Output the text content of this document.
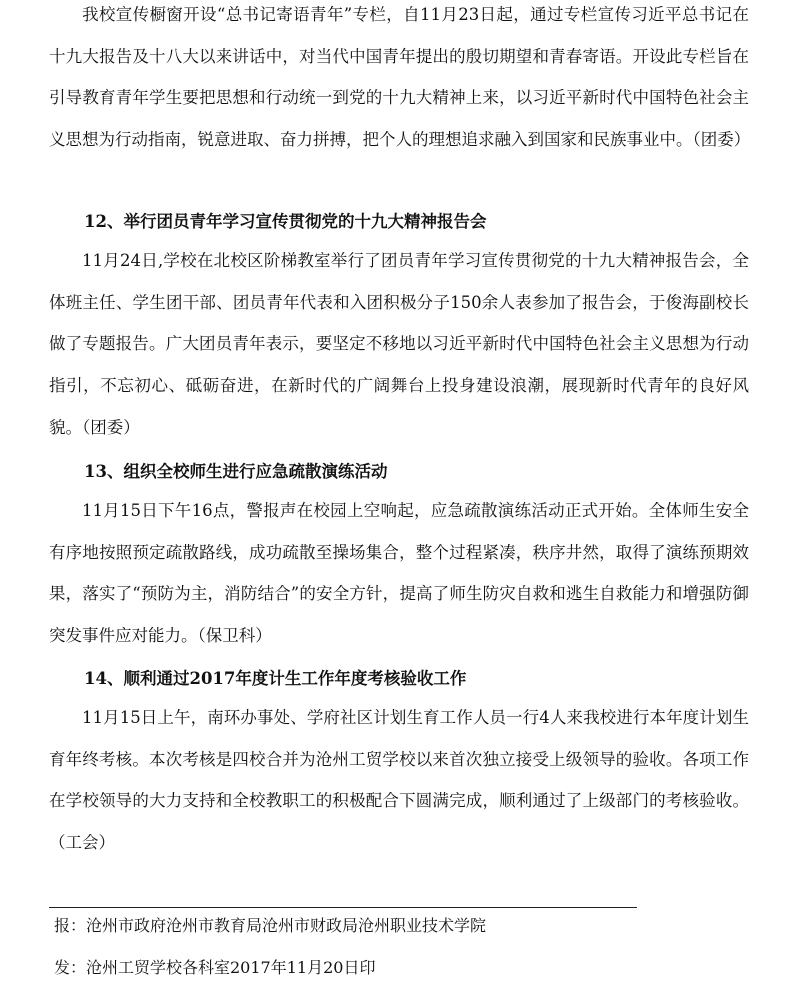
我校宣传橱窗开设“总书记寄语青年”专栏，自11月23日起，通过专栏宣传习近平总书记在十九大报告及十八大以来讲话中，对当代中国青年提出的殷切期望和青春寄语。开设此专栏旨在引导教育青年学生要把思想和行动统一到党的十九大精神上来，以习近平新时代中国特色社会主义思想为行动指南，锐意进取、奋力拼搏，把个人的理想追求融入到国家和民族事业中。（团委）

12、举行团员青年学习宣传贯彻党的十九大精神报告会

11月24日,学校在北校区阶梯教室举行了团员青年学习宣传贯彻党的十九大精神报告会，全体班主任、学生团干部、团员青年代表和入团积极分子150余人表参加了报告会，于俊海副校长做了专题报告。广大团员青年表示，要坚定不移地以习近平新时代中国特色社会主义思想为行动指引，不忘初心、砥砺奋进，在新时代的广阔舞台上投身建设浪潮，展现新时代青年的良好风貌。（团委）

13、组织全校师生进行应急疏散演练活动

11月15日下午16点，警报声在校园上空响起，应急疏散演练活动正式开始。全体师生安全有序地按照预定疏散路线，成功疏散至操场集合，整个过程紧凑，秩序井然，取得了演练预期效果，落实了“预防为主，消防结合”的安全方针，提高了师生防灾自救和逃生自救能力和增强防御突发事件应对能力。（保卫科）

14、顺利通过2017年度计生工作年度考核验收工作

11月15日上午，南环办事处、学府社区计划生育工作人员一行4人来我校进行本年度计划生育年终考核。本次考核是四校合并为沧州工贸学校以来首次独立接受上级领导的验收。各项工作在学校领导的大力支持和全校教职工的积极配合下圆满完成，顺利通过了上级部门的考核验收。（工会）

报：沧州市政府沧州市教育局沧州市财政局沧州职业技术学院

发：沧州工贸学校各科室2017年11月20日印
